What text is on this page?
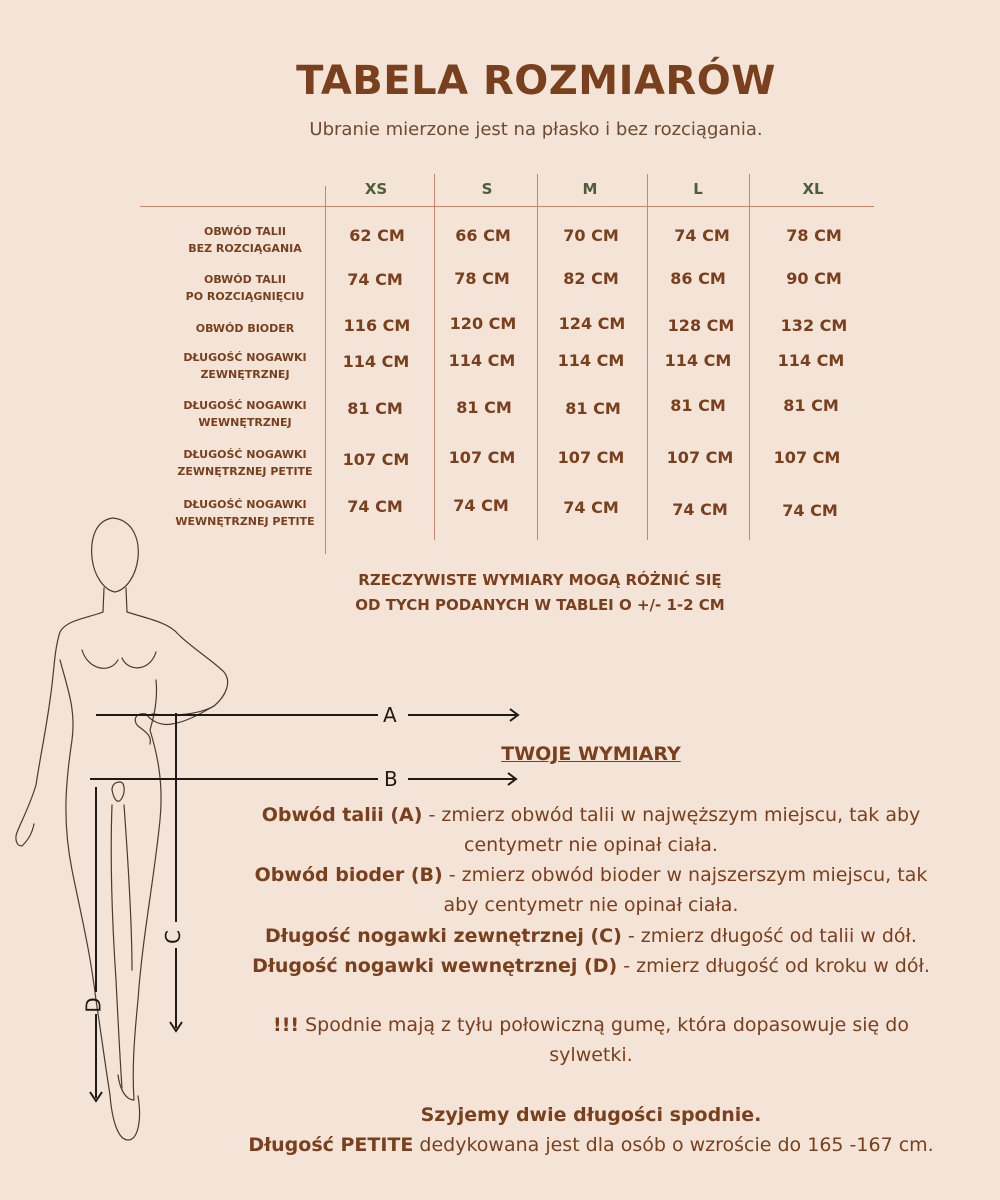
TABELA ROZMIARÓW
Ubranie mierzone jest na płasko i bez rozciągania.
XS	S	M	L	XL
OBWÓD TALII
BEZ ROZCIĄGANIA
62 CM	66 CM	70 CM	74 CM	78 CM
OBWÓD TALII
PO ROZCIĄGNIĘCIU
74 CM	78 CM	82 CM	86 CM	90 CM
OBWÓD BIODER	116 CM	120 CM	124 CM	128 CM	132 CM
DŁUGOŚĆ NOGAWKI
ZEWNĘTRZNEJ
114 CM	114 CM	114 CM	114 CM	114 CM
DŁUGOŚĆ NOGAWKI
WEWNĘTRZNEJ
81 CM	81 CM	81 CM	81 CM	81 CM
DŁUGOŚĆ NOGAWKI
ZEWNĘTRZNEJ PETITE
107 CM	107 CM	107 CM	107 CM	107 CM
DŁUGOŚĆ NOGAWKI
WEWNĘTRZNEJ PETITE
74 CM	74 CM	74 CM	74 CM	74 CM
RZECZYWISTE WYMIARY MOGĄ RÓŻNIĆ SIĘ
OD TYCH PODANYCH W TABLEI O +/- 1-2 CM
A
B
C
D
TWOJE WYMIARY
Obwód talii (A) - zmierz obwód talii w najwęższym miejscu, tak aby
centymetr nie opinał ciała.
Obwód bioder (B) - zmierz obwód bioder w najszerszym miejscu, tak
aby centymetr nie opinał ciała.
Długość nogawki zewnętrznej (C) - zmierz długość od talii w dół.
Długość nogawki wewnętrznej (D) - zmierz długość od kroku w dół.
!!! Spodnie mają z tyłu połowiczną gumę, która dopasowuje się do
sylwetki.
Szyjemy dwie długości spodnie.
Długość PETITE dedykowana jest dla osób o wzroście do 165 -167 cm.
